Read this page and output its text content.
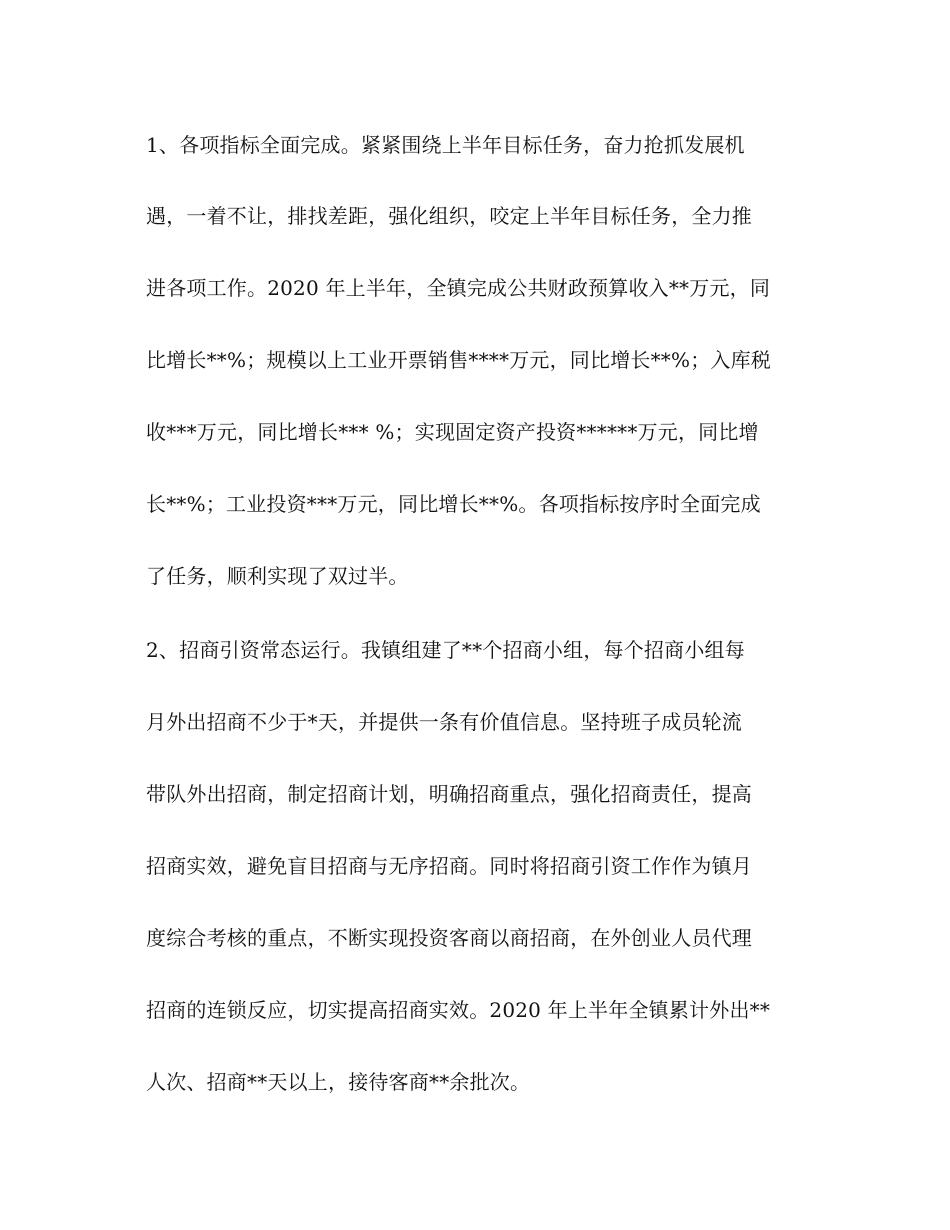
1、各项指标全面完成。紧紧围绕上半年目标任务，奋力抢抓发展机
遇，一着不让，排找差距，强化组织，咬定上半年目标任务，全力推
进各项工作。2020 年上半年，全镇完成公共财政预算收入**万元，同
比增长**%；规模以上工业开票销售****万元，同比增长**%；入库税
收***万元，同比增长*** %；实现固定资产投资******万元，同比增
长**%；工业投资***万元，同比增长**%。各项指标按序时全面完成
了任务，顺利实现了双过半。
2、招商引资常态运行。我镇组建了**个招商小组，每个招商小组每
月外出招商不少于*天，并提供一条有价值信息。坚持班子成员轮流
带队外出招商，制定招商计划，明确招商重点，强化招商责任，提高
招商实效，避免盲目招商与无序招商。同时将招商引资工作作为镇月
度综合考核的重点，不断实现投资客商以商招商，在外创业人员代理
招商的连锁反应，切实提高招商实效。2020 年上半年全镇累计外出**
人次、招商**天以上，接待客商**余批次。
